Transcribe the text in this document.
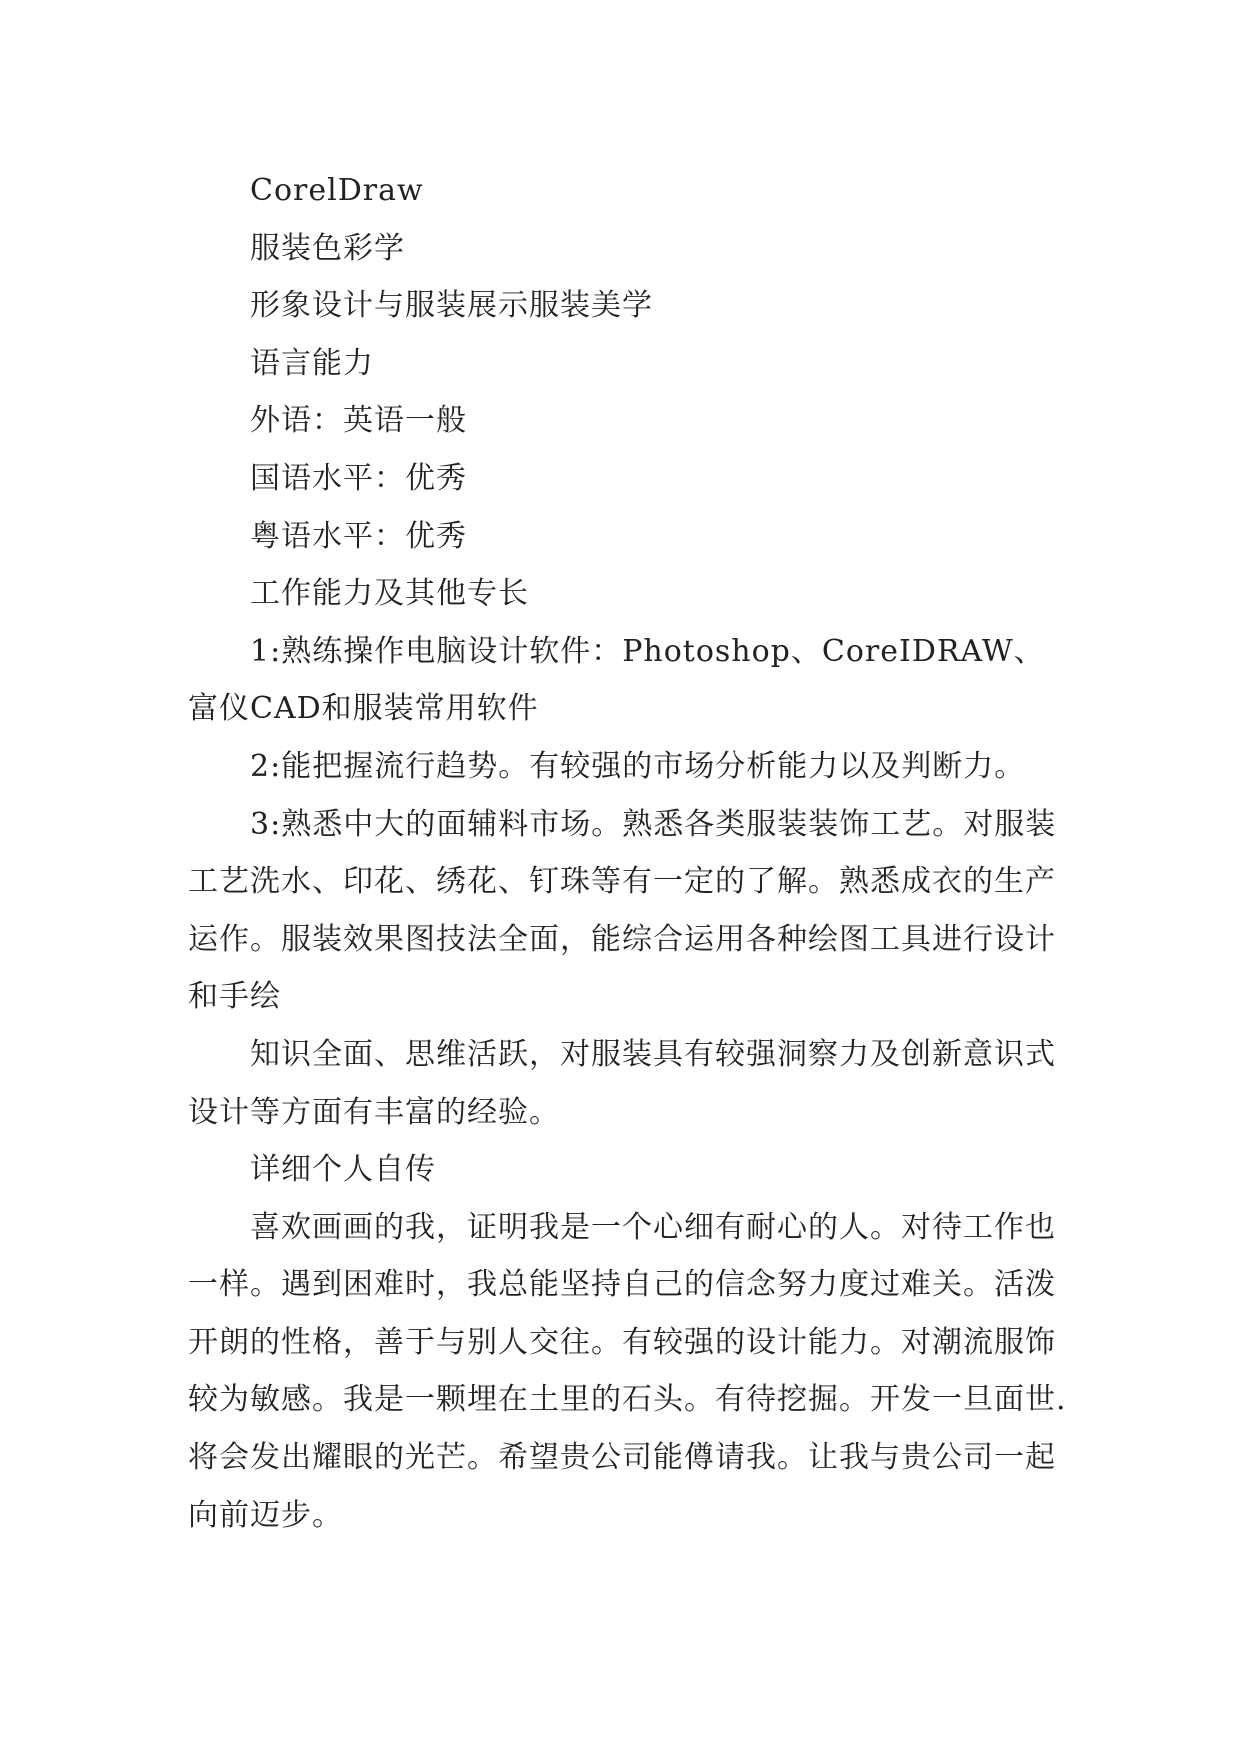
CorelDraw

服装色彩学

形象设计与服装展示服装美学

语言能力

外语：英语一般

国语水平：优秀

粤语水平：优秀

工作能力及其他专长

1:熟练操作电脑设计软件：Photoshop、CoreIDRAW、富仪CAD和服装常用软件

2:能把握流行趋势。有较强的市场分析能力以及判断力。

3:熟悉中大的面辅料市场。熟悉各类服装装饰工艺。对服装工艺洗水、印花、绣花、钉珠等有一定的了解。熟悉成衣的生产运作。服装效果图技法全面，能综合运用各种绘图工具进行设计和手绘

知识全面、思维活跃，对服装具有较强洞察力及创新意识式设计等方面有丰富的经验。

详细个人自传

喜欢画画的我，证明我是一个心细有耐心的人。对待工作也一样。遇到困难时，我总能坚持自己的信念努力度过难关。活泼开朗的性格，善于与别人交往。有较强的设计能力。对潮流服饰较为敏感。我是一颗埋在土里的石头。有待挖掘。开发一旦面世.将会发出耀眼的光芒。希望贵公司能僔请我。让我与贵公司一起向前迈步。
